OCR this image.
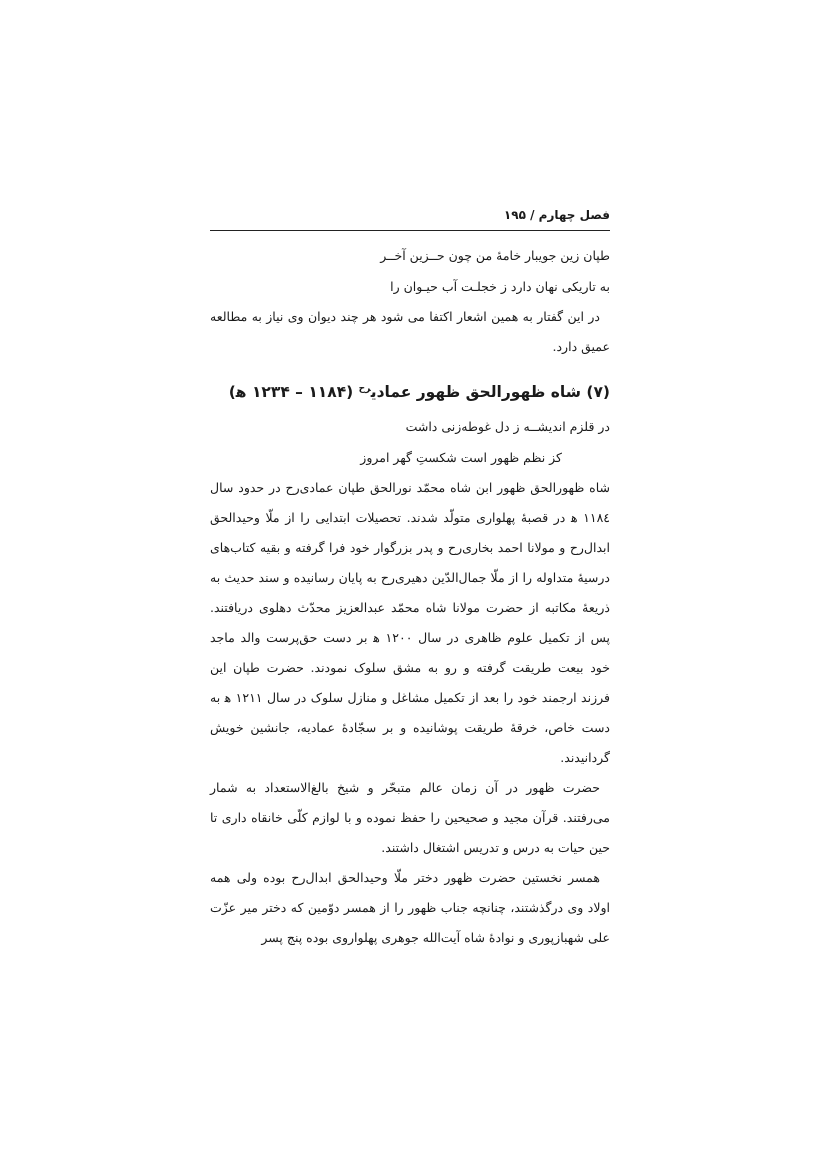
فصل چهارم / ۱۹۵

طپان زین جویبار خامهٔ من چون حــزین آخــر

به تاریکی نهان دارد ز خجلـت آب حیـوان را

در این گفتار به همین اشعار اکتفا می شود هر چند دیوان وی نیاز به مطالعه عمیق دارد.

(۷) شاه ظهورالحق ظهور عمادی$^{رح}$ (۱۱۸۴ – ۱۲۳۴ ﻫ)

در قلزم اندیشــه ز دل غوطه‌زنی داشت

کز نظم ظهور است شکستِ گهر امروز

شاه ظهورالحق ظهور ابن شاه محمّد نورالحق طپان عمادی‌رح در حدود سال ۱۱۸٤ ﻫ در قصبهٔ پهلواری متولّد شدند. تحصیلات ابتدایی را از ملّا وحیدالحق ابدال‌رح و مولانا احمد بخاری‌رح و پدر بزرگوار خود فرا گرفته و بقیه کتاب‌های درسیهٔ متداوله را از ملّا جمال‌الدّین دهیری‌رح به پایان رسانیده و سند حدیث به ذریعهٔ مکاتبه از حضرت مولانا شاه محمّد عبدالعزیز محدّث دهلوی دریافتند. پس از تکمیل علوم ظاهری در سال ۱۲۰۰ ﻫ بر دست حق‌پرست والد ماجد خود بیعت طریقت گرفته و رو به مشق سلوک نمودند. حضرت طپان این فرزند ارجمند خود را بعد از تکمیل مشاغل و منازل سلوک در سال ۱۲۱۱ ﻫ به دست خاص، خرقهٔ طریقت پوشانیده و بر سجّادهٔ عمادیه، جانشین خویش گردانیدند.

حضرت ظهور در آن زمان عالم متبحّر و شیخ بالغ‌الاستعداد به شمار می‌رفتند. قرآن مجید و صحیحین را حفظ نموده و با لوازم کلّی خانقاه داری تا حین حیات به درس و تدریس اشتغال داشتند.

همسر نخستین حضرت ظهور دختر ملّا وحیدالحق ابدال‌رح بوده ولی همه اولاد وی درگذشتند، چنانچه جناب ظهور را از همسر دوّمین که دختر میر عزّت علی شهبازپوری و نوادهٔ شاه آیت‌الله جوهری پهلواروی بوده پنج پسر
